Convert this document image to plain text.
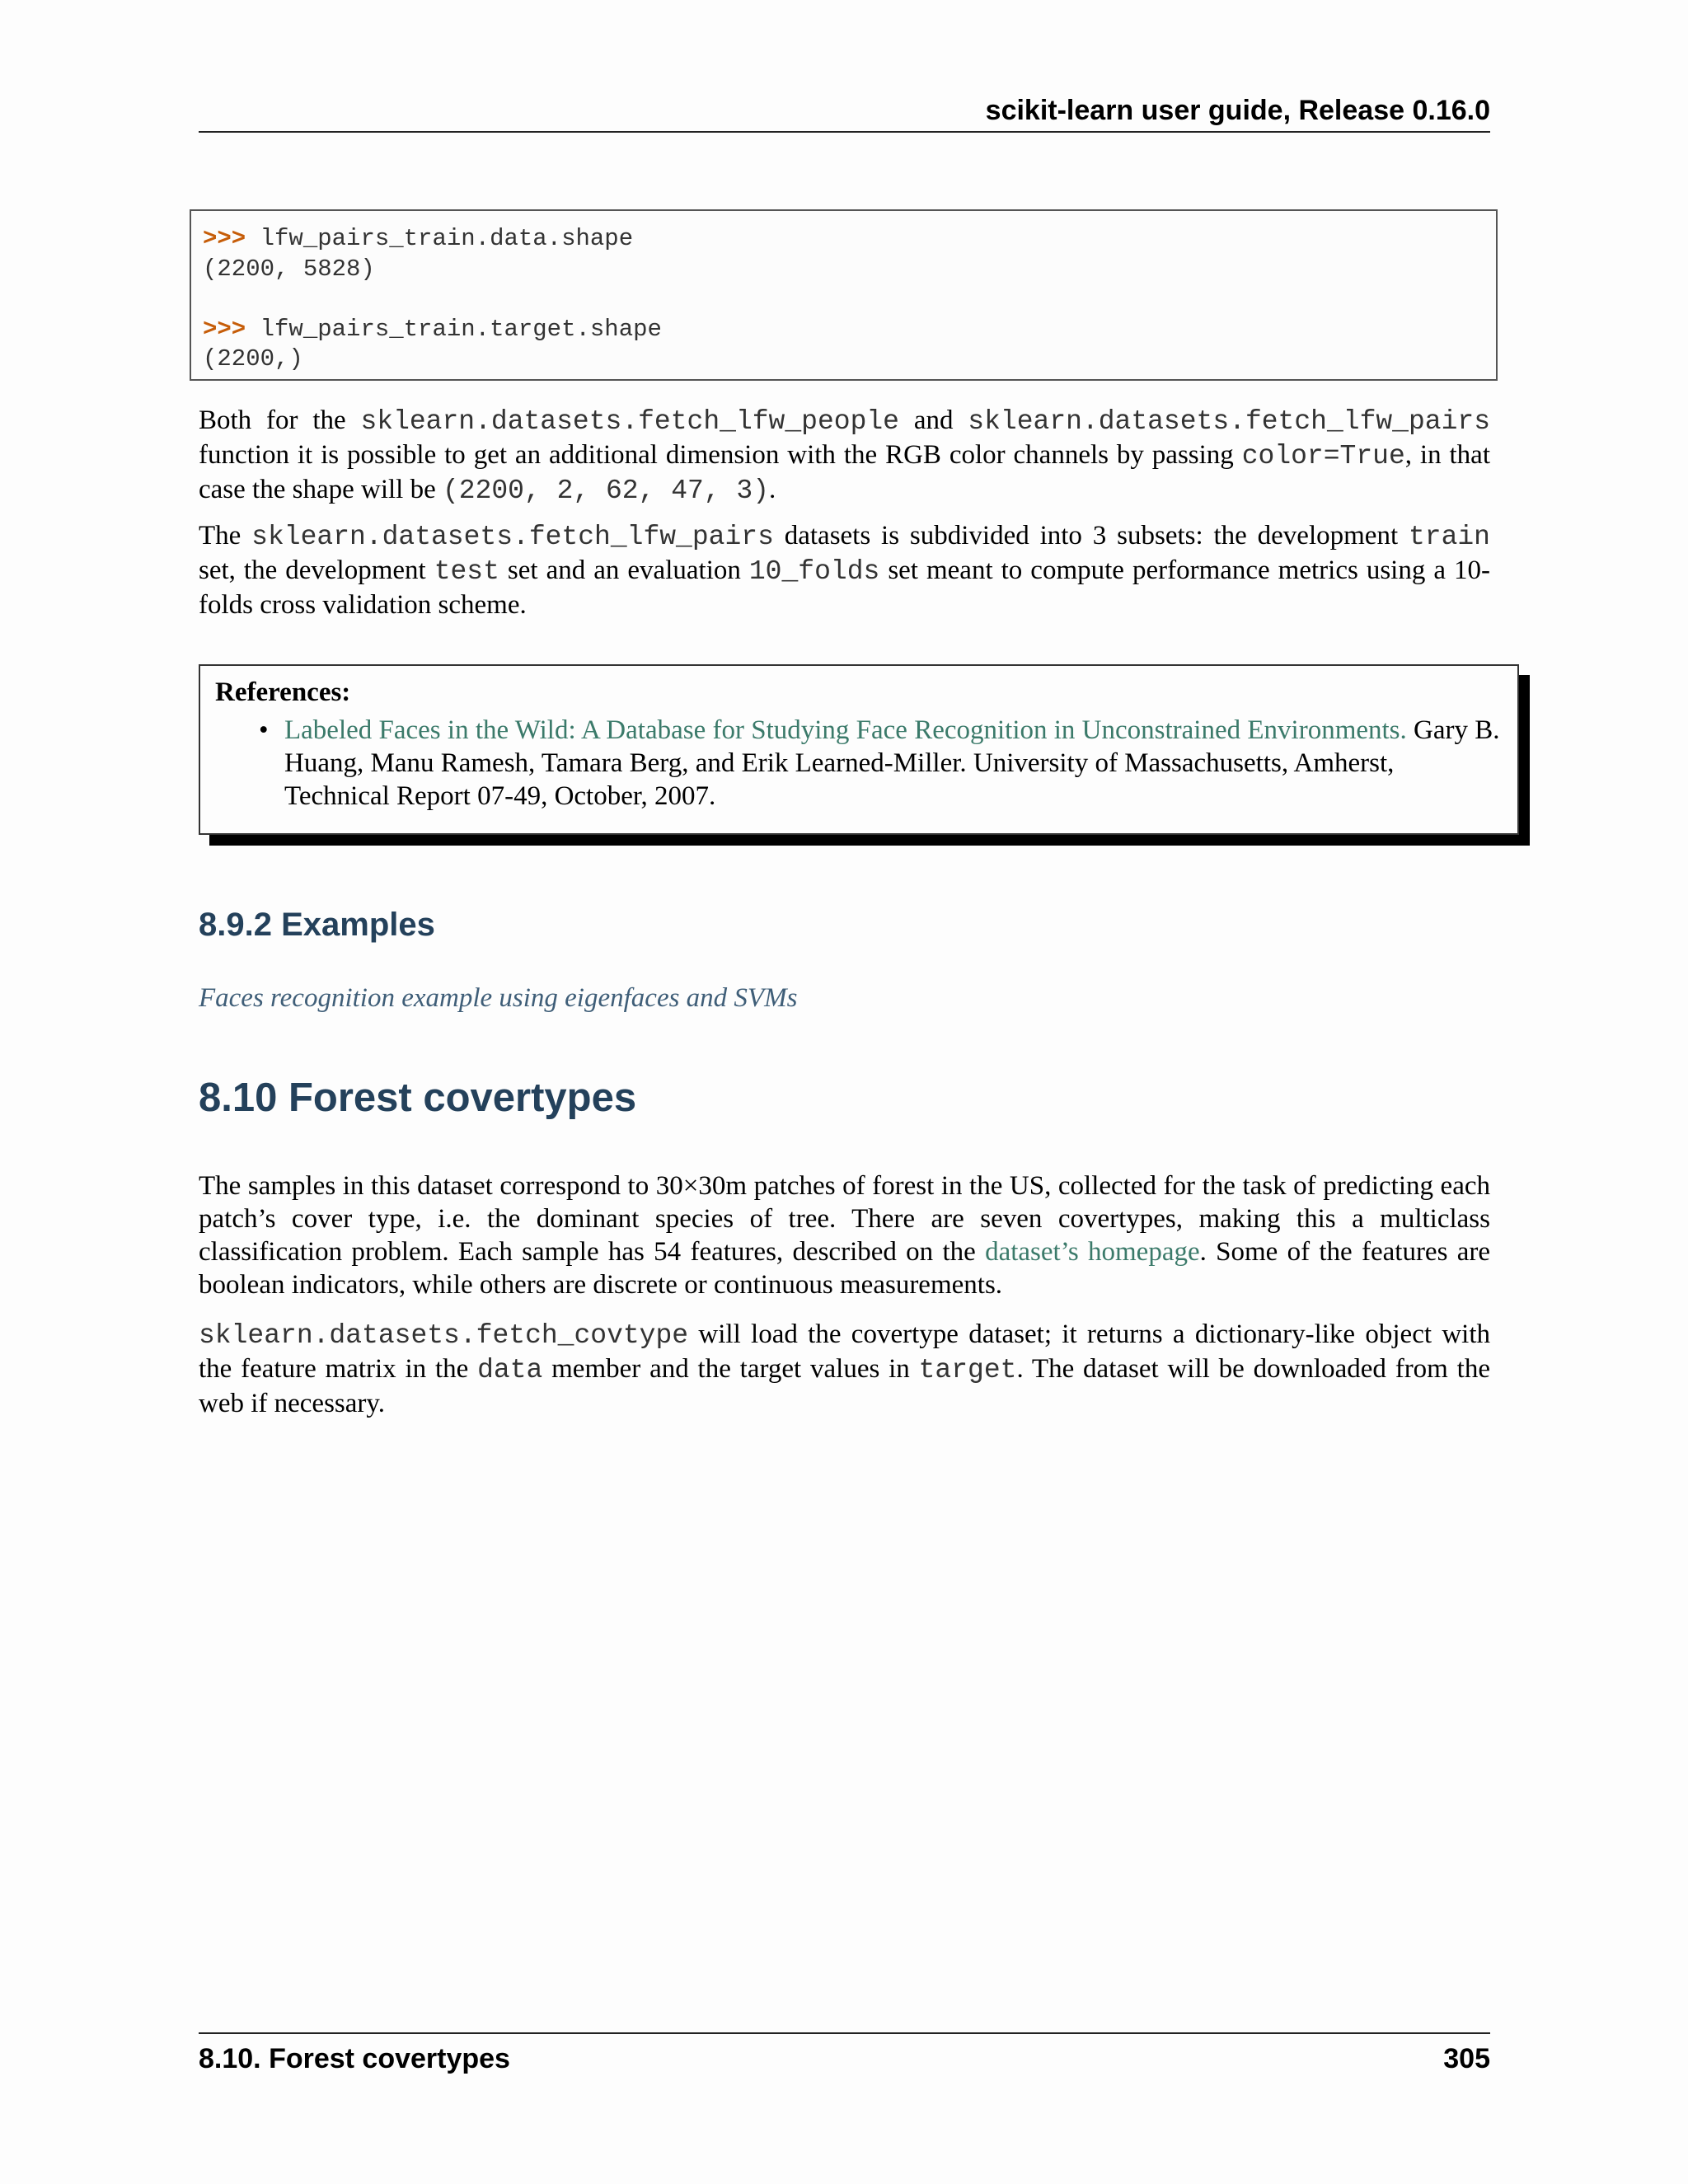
scikit-learn user guide, Release 0.16.0
>>> lfw_pairs_train.data.shape
(2200, 5828)
>>> lfw_pairs_train.target.shape
(2200,)

Both for the sklearn.datasets.fetch_lfw_people and sklearn.datasets.fetch_lfw_pairs function it is possible to get an additional dimension with the RGB color channels by passing color=True, in that case the shape will be (2200, 2, 62, 47, 3).

The sklearn.datasets.fetch_lfw_pairs datasets is subdivided into 3 subsets: the development train set, the development test set and an evaluation 10_folds set meant to compute performance metrics using a 10-folds cross validation scheme.

References:

• Labeled Faces in the Wild: A Database for Studying Face Recognition in Unconstrained Environments. Gary B. Huang, Manu Ramesh, Tamara Berg, and Erik Learned-Miller. University of Massachusetts, Amherst, Technical Report 07-49, October, 2007.
8.9.2 Examples
Faces recognition example using eigenfaces and SVMs
8.10 Forest covertypes

The samples in this dataset correspond to 30×30m patches of forest in the US, collected for the task of predicting each patch’s cover type, i.e. the dominant species of tree. There are seven covertypes, making this a multiclass classification problem. Each sample has 54 features, described on the dataset’s homepage. Some of the features are boolean indicators, while others are discrete or continuous measurements.

sklearn.datasets.fetch_covtype will load the covertype dataset; it returns a dictionary-like object with the feature matrix in the data member and the target values in target. The dataset will be downloaded from the web if necessary.

8.10. Forest covertypes	305
